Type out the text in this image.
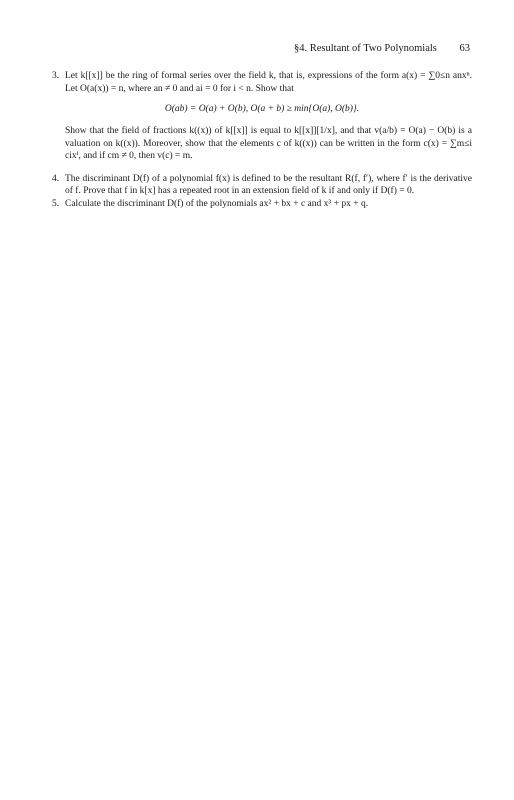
§4. Resultant of Two Polynomials 63
3. Let k[[x]] be the ring of formal series over the field k, that is, expressions of the form a(x) = ∑0≤n anxⁿ. Let O(a(x)) = n, where an ≠ 0 and ai = 0 for i < n. Show that

O(ab) = O(a) + O(b), O(a + b) ≥ min{O(a), O(b)}.

Show that the field of fractions k((x)) of k[[x]] is equal to k[[x]][1/x], and that v(a/b) = O(a) − O(b) is a valuation on k((x)). Moreover, show that the elements c of k((x)) can be written in the form c(x) = ∑m≤i cixⁱ, and if cm ≠ 0, then v(c) = m.

4. The discriminant D(f) of a polynomial f(x) is defined to be the resultant R(f, f′), where f′ is the derivative of f. Prove that f in k[x] has a repeated root in an extension field of k if and only if D(f) = 0.

5. Calculate the discriminant D(f) of the polynomials ax² + bx + c and x³ + px + q.
